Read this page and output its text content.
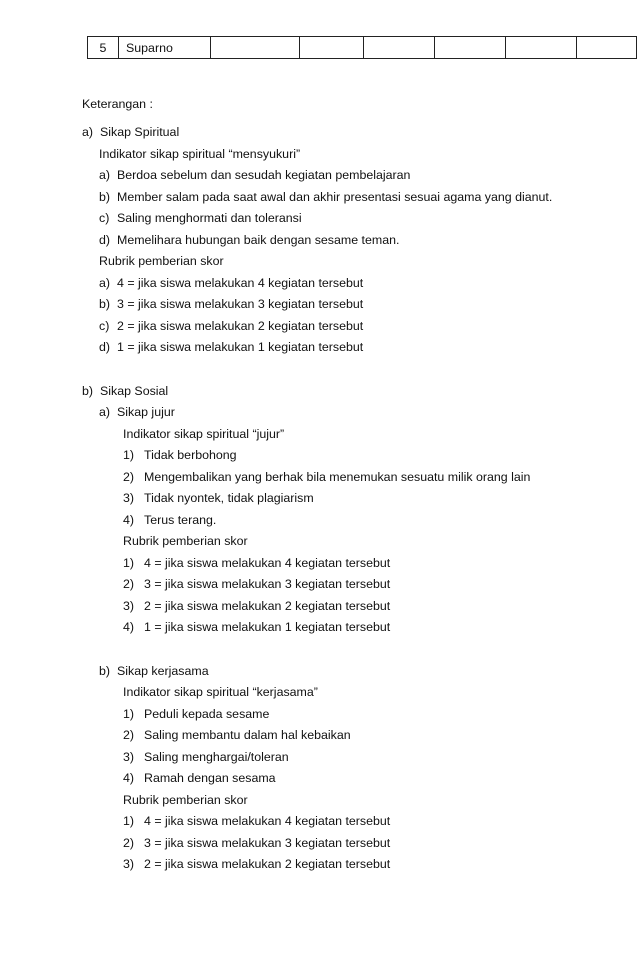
5	Suparno						
Keterangan :
a) Sikap Spiritual
Indikator sikap spiritual “mensyukuri”
a) Berdoa sebelum dan sesudah kegiatan pembelajaran
b) Member salam pada saat awal dan akhir presentasi sesuai agama yang dianut.
c) Saling menghormati dan toleransi
d) Memelihara hubungan baik dengan sesame teman.
Rubrik pemberian skor
a) 4 = jika siswa melakukan 4 kegiatan tersebut
b) 3 = jika siswa melakukan 3 kegiatan tersebut
c) 2 = jika siswa melakukan 2 kegiatan tersebut
d) 1 = jika siswa melakukan 1 kegiatan tersebut
b) Sikap Sosial
a) Sikap jujur
Indikator sikap spiritual “jujur”
1) Tidak berbohong
2) Mengembalikan yang berhak bila menemukan sesuatu milik orang lain
3) Tidak nyontek, tidak plagiarism
4) Terus terang.
Rubrik pemberian skor
1) 4 = jika siswa melakukan 4 kegiatan tersebut
2) 3 = jika siswa melakukan 3 kegiatan tersebut
3) 2 = jika siswa melakukan 2 kegiatan tersebut
4) 1 = jika siswa melakukan 1 kegiatan tersebut
b) Sikap kerjasama
Indikator sikap spiritual “kerjasama”
1) Peduli kepada sesame
2) Saling membantu dalam hal kebaikan
3) Saling menghargai/toleran
4) Ramah dengan sesama
Rubrik pemberian skor
1) 4 = jika siswa melakukan 4 kegiatan tersebut
2) 3 = jika siswa melakukan 3 kegiatan tersebut
3) 2 = jika siswa melakukan 2 kegiatan tersebut
